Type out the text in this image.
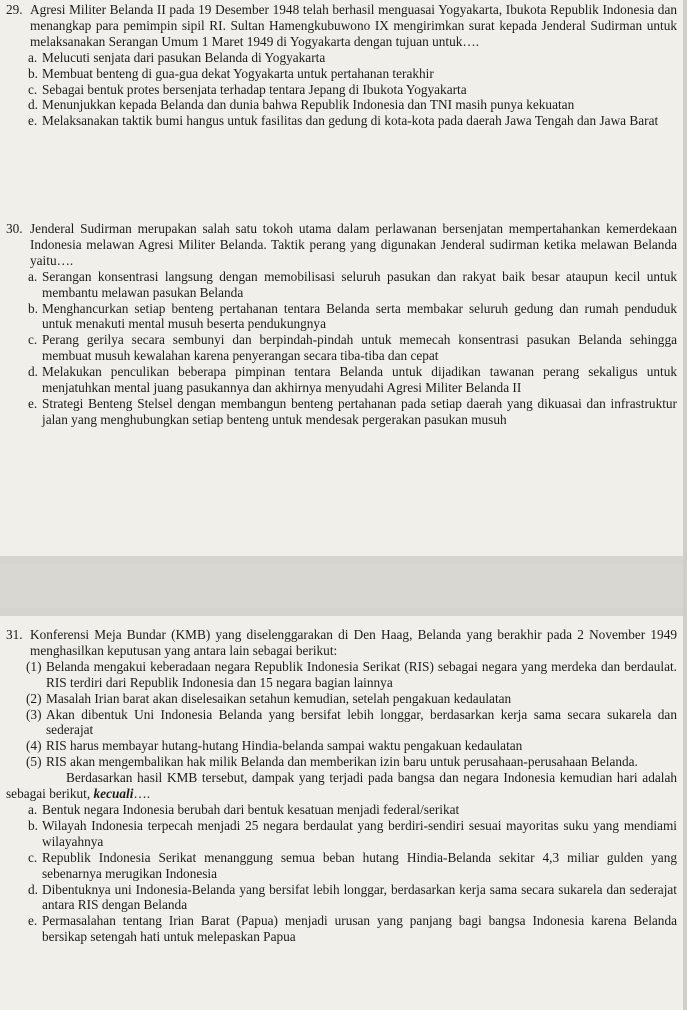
29. Agresi Militer Belanda II pada 19 Desember 1948 telah berhasil menguasai Yogyakarta, Ibukota Republik Indonesia dan menangkap para pemimpin sipil RI. Sultan Hamengkubuwono IX mengirimkan surat kepada Jenderal Sudirman untuk melaksanakan Serangan Umum 1 Maret 1949 di Yogyakarta dengan tujuan untuk….
a. Melucuti senjata dari pasukan Belanda di Yogyakarta
b. Membuat benteng di gua-gua dekat Yogyakarta untuk pertahanan terakhir
c. Sebagai bentuk protes bersenjata terhadap tentara Jepang di Ibukota Yogyakarta
d. Menunjukkan kepada Belanda dan dunia bahwa Republik Indonesia dan TNI masih punya kekuatan
e. Melaksanakan taktik bumi hangus untuk fasilitas dan gedung di kota-kota pada daerah Jawa Tengah dan Jawa Barat
30. Jenderal Sudirman merupakan salah satu tokoh utama dalam perlawanan bersenjatan mempertahankan kemerdekaan Indonesia melawan Agresi Militer Belanda. Taktik perang yang digunakan Jenderal sudirman ketika melawan Belanda yaitu….
a. Serangan konsentrasi langsung dengan memobilisasi seluruh pasukan dan rakyat baik besar ataupun kecil untuk membantu melawan pasukan Belanda
b. Menghancurkan setiap benteng pertahanan tentara Belanda serta membakar seluruh gedung dan rumah penduduk untuk menakuti mental musuh beserta pendukungnya
c. Perang gerilya secara sembunyi dan berpindah-pindah untuk memecah konsentrasi pasukan Belanda sehingga membuat musuh kewalahan karena penyerangan secara tiba-tiba dan cepat
d. Melakukan penculikan beberapa pimpinan tentara Belanda untuk dijadikan tawanan perang sekaligus untuk menjatuhkan mental juang pasukannya dan akhirnya menyudahi Agresi Militer Belanda II
e. Strategi Benteng Stelsel dengan membangun benteng pertahanan pada setiap daerah yang dikuasai dan infrastruktur jalan yang menghubungkan setiap benteng untuk mendesak pergerakan pasukan musuh
31. Konferensi Meja Bundar (KMB) yang diselenggarakan di Den Haag, Belanda yang berakhir pada 2 November 1949 menghasilkan keputusan yang antara lain sebagai berikut:
(1) Belanda mengakui keberadaan negara Republik Indonesia Serikat (RIS) sebagai negara yang merdeka dan berdaulat. RIS terdiri dari Republik Indonesia dan 15 negara bagian lainnya
(2) Masalah Irian barat akan diselesaikan setahun kemudian, setelah pengakuan kedaulatan
(3) Akan dibentuk Uni Indonesia Belanda yang bersifat lebih longgar, berdasarkan kerja sama secara sukarela dan sederajat
(4) RIS harus membayar hutang-hutang Hindia-belanda sampai waktu pengakuan kedaulatan
(5) RIS akan mengembalikan hak milik Belanda dan memberikan izin baru untuk perusahaan-perusahaan Belanda.
Berdasarkan hasil KMB tersebut, dampak yang terjadi pada bangsa dan negara Indonesia kemudian hari adalah sebagai berikut, kecuali….
a. Bentuk negara Indonesia berubah dari bentuk kesatuan menjadi federal/serikat
b. Wilayah Indonesia terpecah menjadi 25 negara berdaulat yang berdiri-sendiri sesuai mayoritas suku yang mendiami wilayahnya
c. Republik Indonesia Serikat menanggung semua beban hutang Hindia-Belanda sekitar 4,3 miliar gulden yang sebenarnya merugikan Indonesia
d. Dibentuknya uni Indonesia-Belanda yang bersifat lebih longgar, berdasarkan kerja sama secara sukarela dan sederajat antara RIS dengan Belanda
e. Permasalahan tentang Irian Barat (Papua) menjadi urusan yang panjang bagi bangsa Indonesia karena Belanda bersikap setengah hati untuk melepaskan Papua
